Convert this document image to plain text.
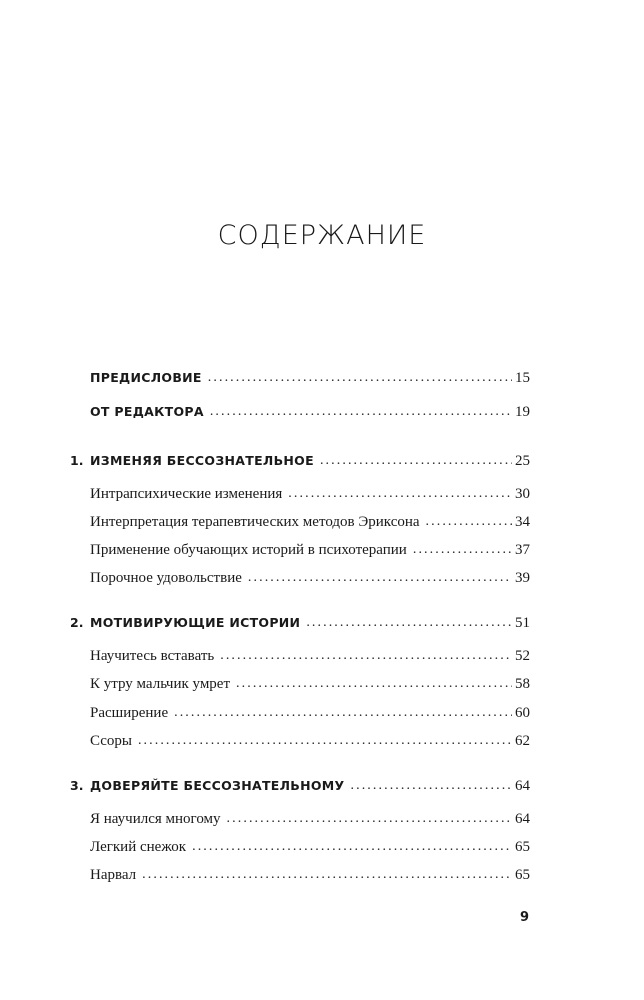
СОДЕРЖАНИЕ
ПРЕДИСЛОВИЕ .....	15
ОТ РЕДАКТОРА .....	19
1. ИЗМЕНЯЯ БЕССОЗНАТЕЛЬНОЕ .....	25
Интрапсихические изменения .....	30
Интерпретация терапевтических методов Эриксона .....	34
Применение обучающих историй в психотерапии .....	37
Порочное удовольствие .....	39
2. МОТИВИРУЮЩИЕ ИСТОРИИ .....	51
Научитесь вставать .....	52
К утру мальчик умрет .....	58
Расширение .....	60
Ссоры .....	62
3. ДОВЕРЯЙТЕ БЕССОЗНАТЕЛЬНОМУ .....	64
Я научился многому .....	64
Легкий снежок .....	65
Нарвал .....	65
9
